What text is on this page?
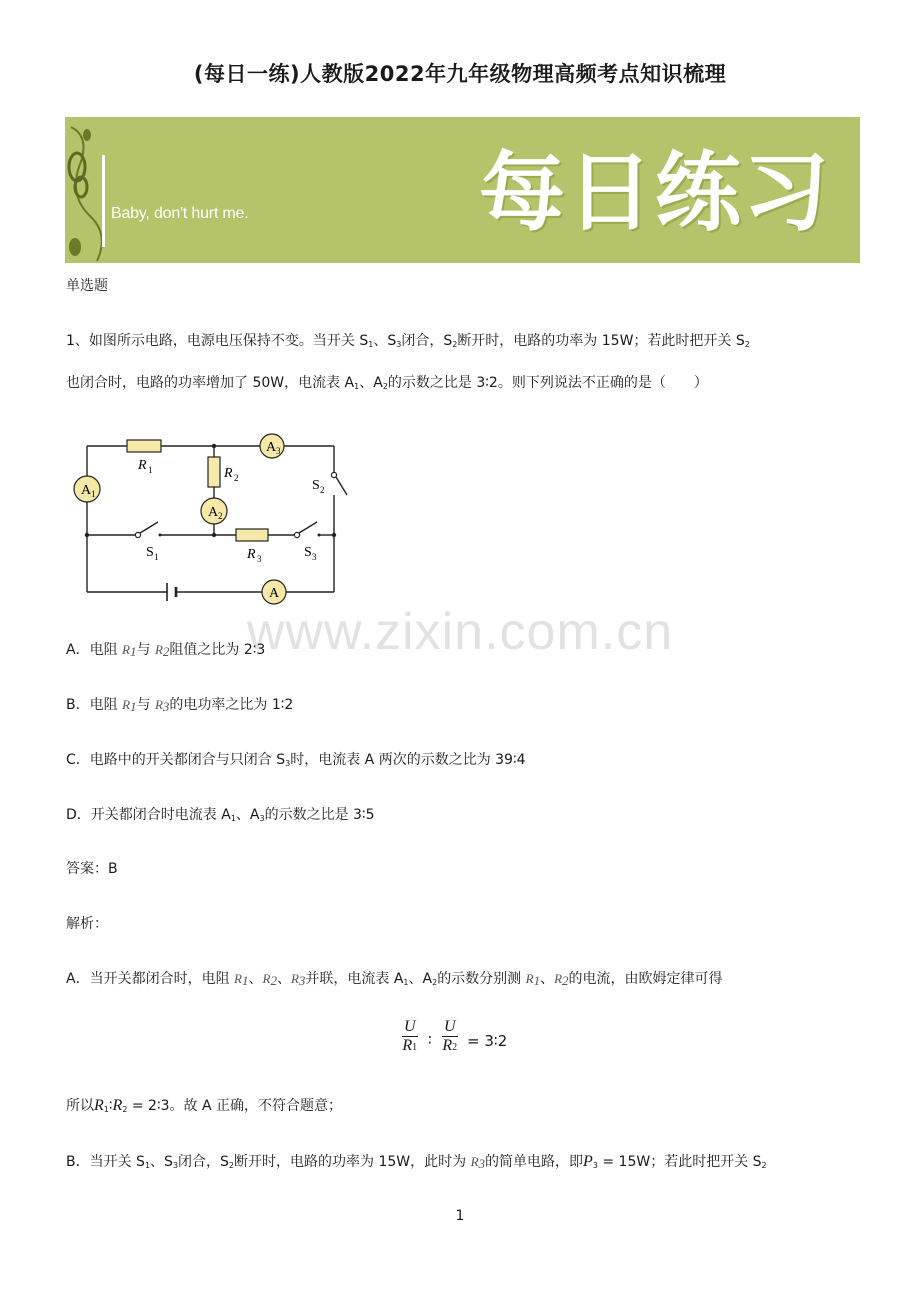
(每日一练)人教版2022年九年级物理高频考点知识梳理
Baby, don't hurt me.	每日练习
单选题
1、如图所示电路，电源电压保持不变。当开关 $S_1$、$S_3$闭合，$S_2$断开时，电路的功率为 15W；若此时把开关 $S_2$
也闭合时，电路的功率增加了 50W，电流表 $A_1$、$A_2$的示数之比是 3∶2。则下列说法不正确的是（　　）
A 1
A 2
A 3
A
R 1	R 2
R 3
S 1	S 3
S 2
www.zixin.com.cn
A．电阻 R1与 R2阻值之比为 2∶3
B．电阻 R1与 R3的电功率之比为 1∶2
C．电路中的开关都闭合与只闭合 $S_3$时，电流表 A 两次的示数之比为 39∶4
D．开关都闭合时电流表 $A_1$、$A_3$的示数之比是 3∶5
答案：B
解析：
A．当开关都闭合时，电阻 R1、R2、R3并联，电流表 $A_1$、$A_2$的示数分别测 R1、R2的电流，由欧姆定律可得
$\frac{U}{R1}$ ∶ $\frac{U}{R2}$ = 3∶2
所以$R_1∶R_2$ = 2∶3。故 A 正确，不符合题意；
B．当开关 $S_1$、$S_3$闭合，$S_2$断开时，电路的功率为 15W，此时为 R3的简单电路，即$P_3 = 15W$；若此时把开关 $S_2$
1
